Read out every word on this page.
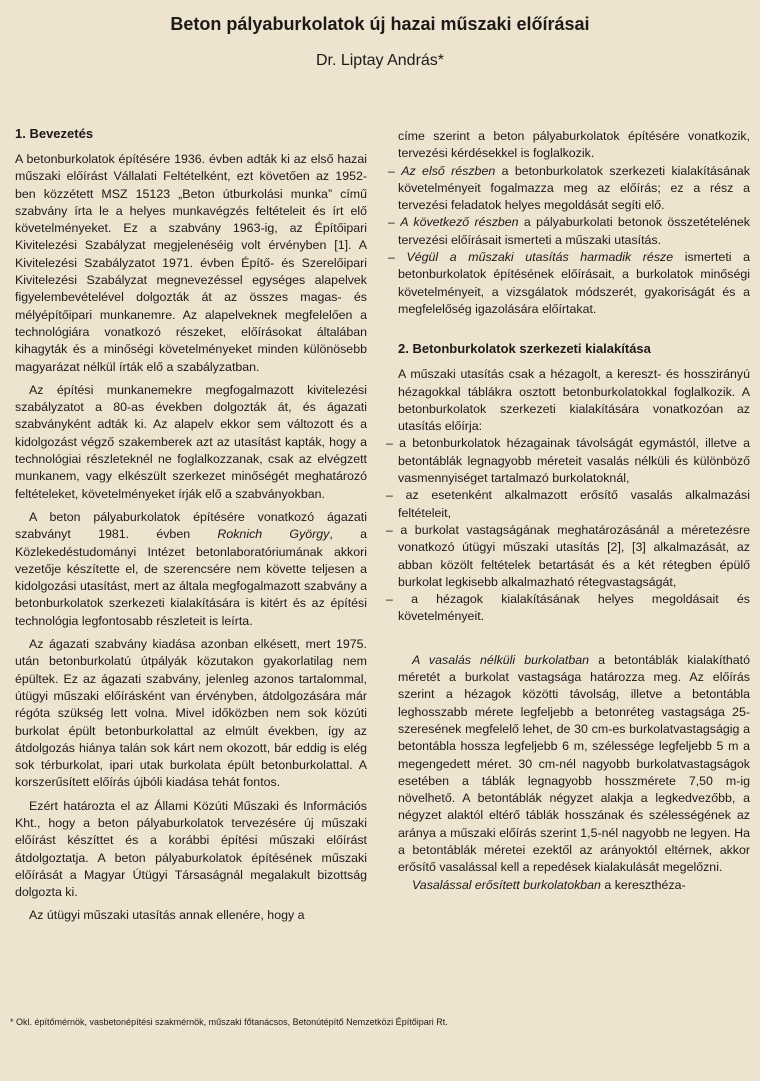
Beton pályaburkolatok új hazai műszaki előírásai
Dr. Liptay András*
1. Bevezetés

A betonburkolatok építésére 1936. évben adták ki az első hazai műszaki előírást Vállalati Feltételként, ezt követően az 1952-ben közzétett MSZ 15123 „Beton útburkolási munka” című szabvány írta le a helyes munkavégzés feltételeit és írt elő követelményeket. Ez a szabvány 1963-ig, az Építőipari Kivitelezési Szabályzat megjelenéséig volt érvényben [1]. A Kivitelezési Szabályzatot 1971. évben Építő- és Szerelőipari Kivitelezési Szabályzat megnevezéssel egységes alapelvek figyelembevételével dolgozták át az összes magas- és mélyépítőipari munkanemre. Az alapelveknek megfelelően a technológiára vonatkozó részeket, előírásokat általában kihagyták és a minőségi követelményeket minden különösebb magyarázat nélkül írták elő a szabályzatban.

Az építési munkanemekre megfogalmazott kivitelezési szabályzatot a 80-as években dolgozták át, és ágazati szabványként adták ki. Az alapelv ekkor sem változott és a kidolgozást végző szakemberek azt az utasítást kapták, hogy a technológiai részleteknél ne foglalkozzanak, csak az elvégzett munkanem, vagy elkészült szerkezet minőségét meghatározó feltételeket, követelményeket írják elő a szabványokban.

A beton pályaburkolatok építésére vonatkozó ágazati szabványt 1981. évben Roknich György, a Közlekedéstudományi Intézet betonlaboratóriumának akkori vezetője készítette el, de szerencsére nem követte teljesen a kidolgozási utasítást, mert az általa megfogalmazott szabvány a betonburkolatok szerkezeti kialakítására is kitért és az építési technológia legfontosabb részleteit is leírta.

Az ágazati szabvány kiadása azonban elkésett, mert 1975. után betonburkolatú útpályák közutakon gyakorlatilag nem épültek. Ez az ágazati szabvány, jelenleg azonos tartalommal, útügyi műszaki előírásként van érvényben, átdolgozására már régóta szükség lett volna. Mivel időközben nem sok közúti burkolat épült betonburkolattal az elmúlt években, így az átdolgozás hiánya talán sok kárt nem okozott, bár eddig is elég sok térburkolat, ipari utak burkolata épült betonburkolattal. A korszerűsített előírás újbóli kiadása tehát fontos.

Ezért határozta el az Állami Közúti Műszaki és Információs Kht., hogy a beton pályaburkolatok tervezésére új műszaki előírást készíttet és a korábbi építési műszaki előírást átdolgoztatja. A beton pályaburkolatok építésének műszaki előírását a Magyar Útügyi Társaságnál megalakult bizottság dolgozta ki.

Az útügyi műszaki utasítás annak ellenére, hogy a

címe szerint a beton pályaburkolatok építésére vonatkozik, tervezési kérdésekkel is foglalkozik.

– Az első részben a betonburkolatok szerkezeti kialakításának követelményeit fogalmazza meg az előírás; ez a rész a tervezési feladatok helyes megoldását segíti elő.

– A következő részben a pályaburkolati betonok összetételének tervezési előírásait ismerteti a műszaki utasítás.

– Végül a műszaki utasítás harmadik része ismerteti a betonburkolatok építésének előírásait, a burkolatok minőségi követelményeit, a vizsgálatok módszerét, gyakoriságát és a megfelelőség igazolására előírtakat.

2. Betonburkolatok szerkezeti kialakítása

A műszaki utasítás csak a hézagolt, a kereszt- és hosszirányú hézagokkal táblákra osztott betonburkolatokkal foglalkozik. A betonburkolatok szerkezeti kialakítására vonatkozóan az utasítás előírja:

– a betonburkolatok hézagainak távolságát egymástól, illetve a betontáblák legnagyobb méreteit vasalás nélküli és különböző vasmennyiséget tartalmazó burkolatoknál,

– az esetenként alkalmazott erősítő vasalás alkalmazási feltételeit,

– a burkolat vastagságának meghatározásánál a méretezésre vonatkozó útügyi műszaki utasítás [2], [3] alkalmazását, az abban közölt feltételek betartását és a két rétegben épülő burkolat legkisebb alkalmazható rétegvastagságát,

– a hézagok kialakításának helyes megoldásait és követelményeit.

A vasalás nélküli burkolatban a betontáblák kialakítható méretét a burkolat vastagsága határozza meg. Az előírás szerint a hézagok közötti távolság, illetve a betontábla leghosszabb mérete legfeljebb a betonréteg vastagsága 25-szeresének megfelelő lehet, de 30 cm-es burkolatvastagságig a betontábla hossza legfeljebb 6 m, szélessége legfeljebb 5 m a megengedett méret. 30 cm-nél nagyobb burkolatvastagságok esetében a táblák legnagyobb hosszmérete 7,50 m-ig növelhető. A betontáblák négyzet alakja a legkedvezőbb, a négyzet alaktól eltérő táblák hosszának és szélességének az aránya a műszaki előírás szerint 1,5-nél nagyobb ne legyen. Ha a betontáblák méretei ezektől az arányoktól eltérnek, akkor erősítő vasalással kell a repedések kialakulását megelőzni.

Vasalással erősített burkolatokban a kereszthéza-

* Okl. építőmérnök, vasbetonépítési szakmérnök, műszaki főtanácsos, Betonútépítő Nemzetközi Építőipari Rt.
